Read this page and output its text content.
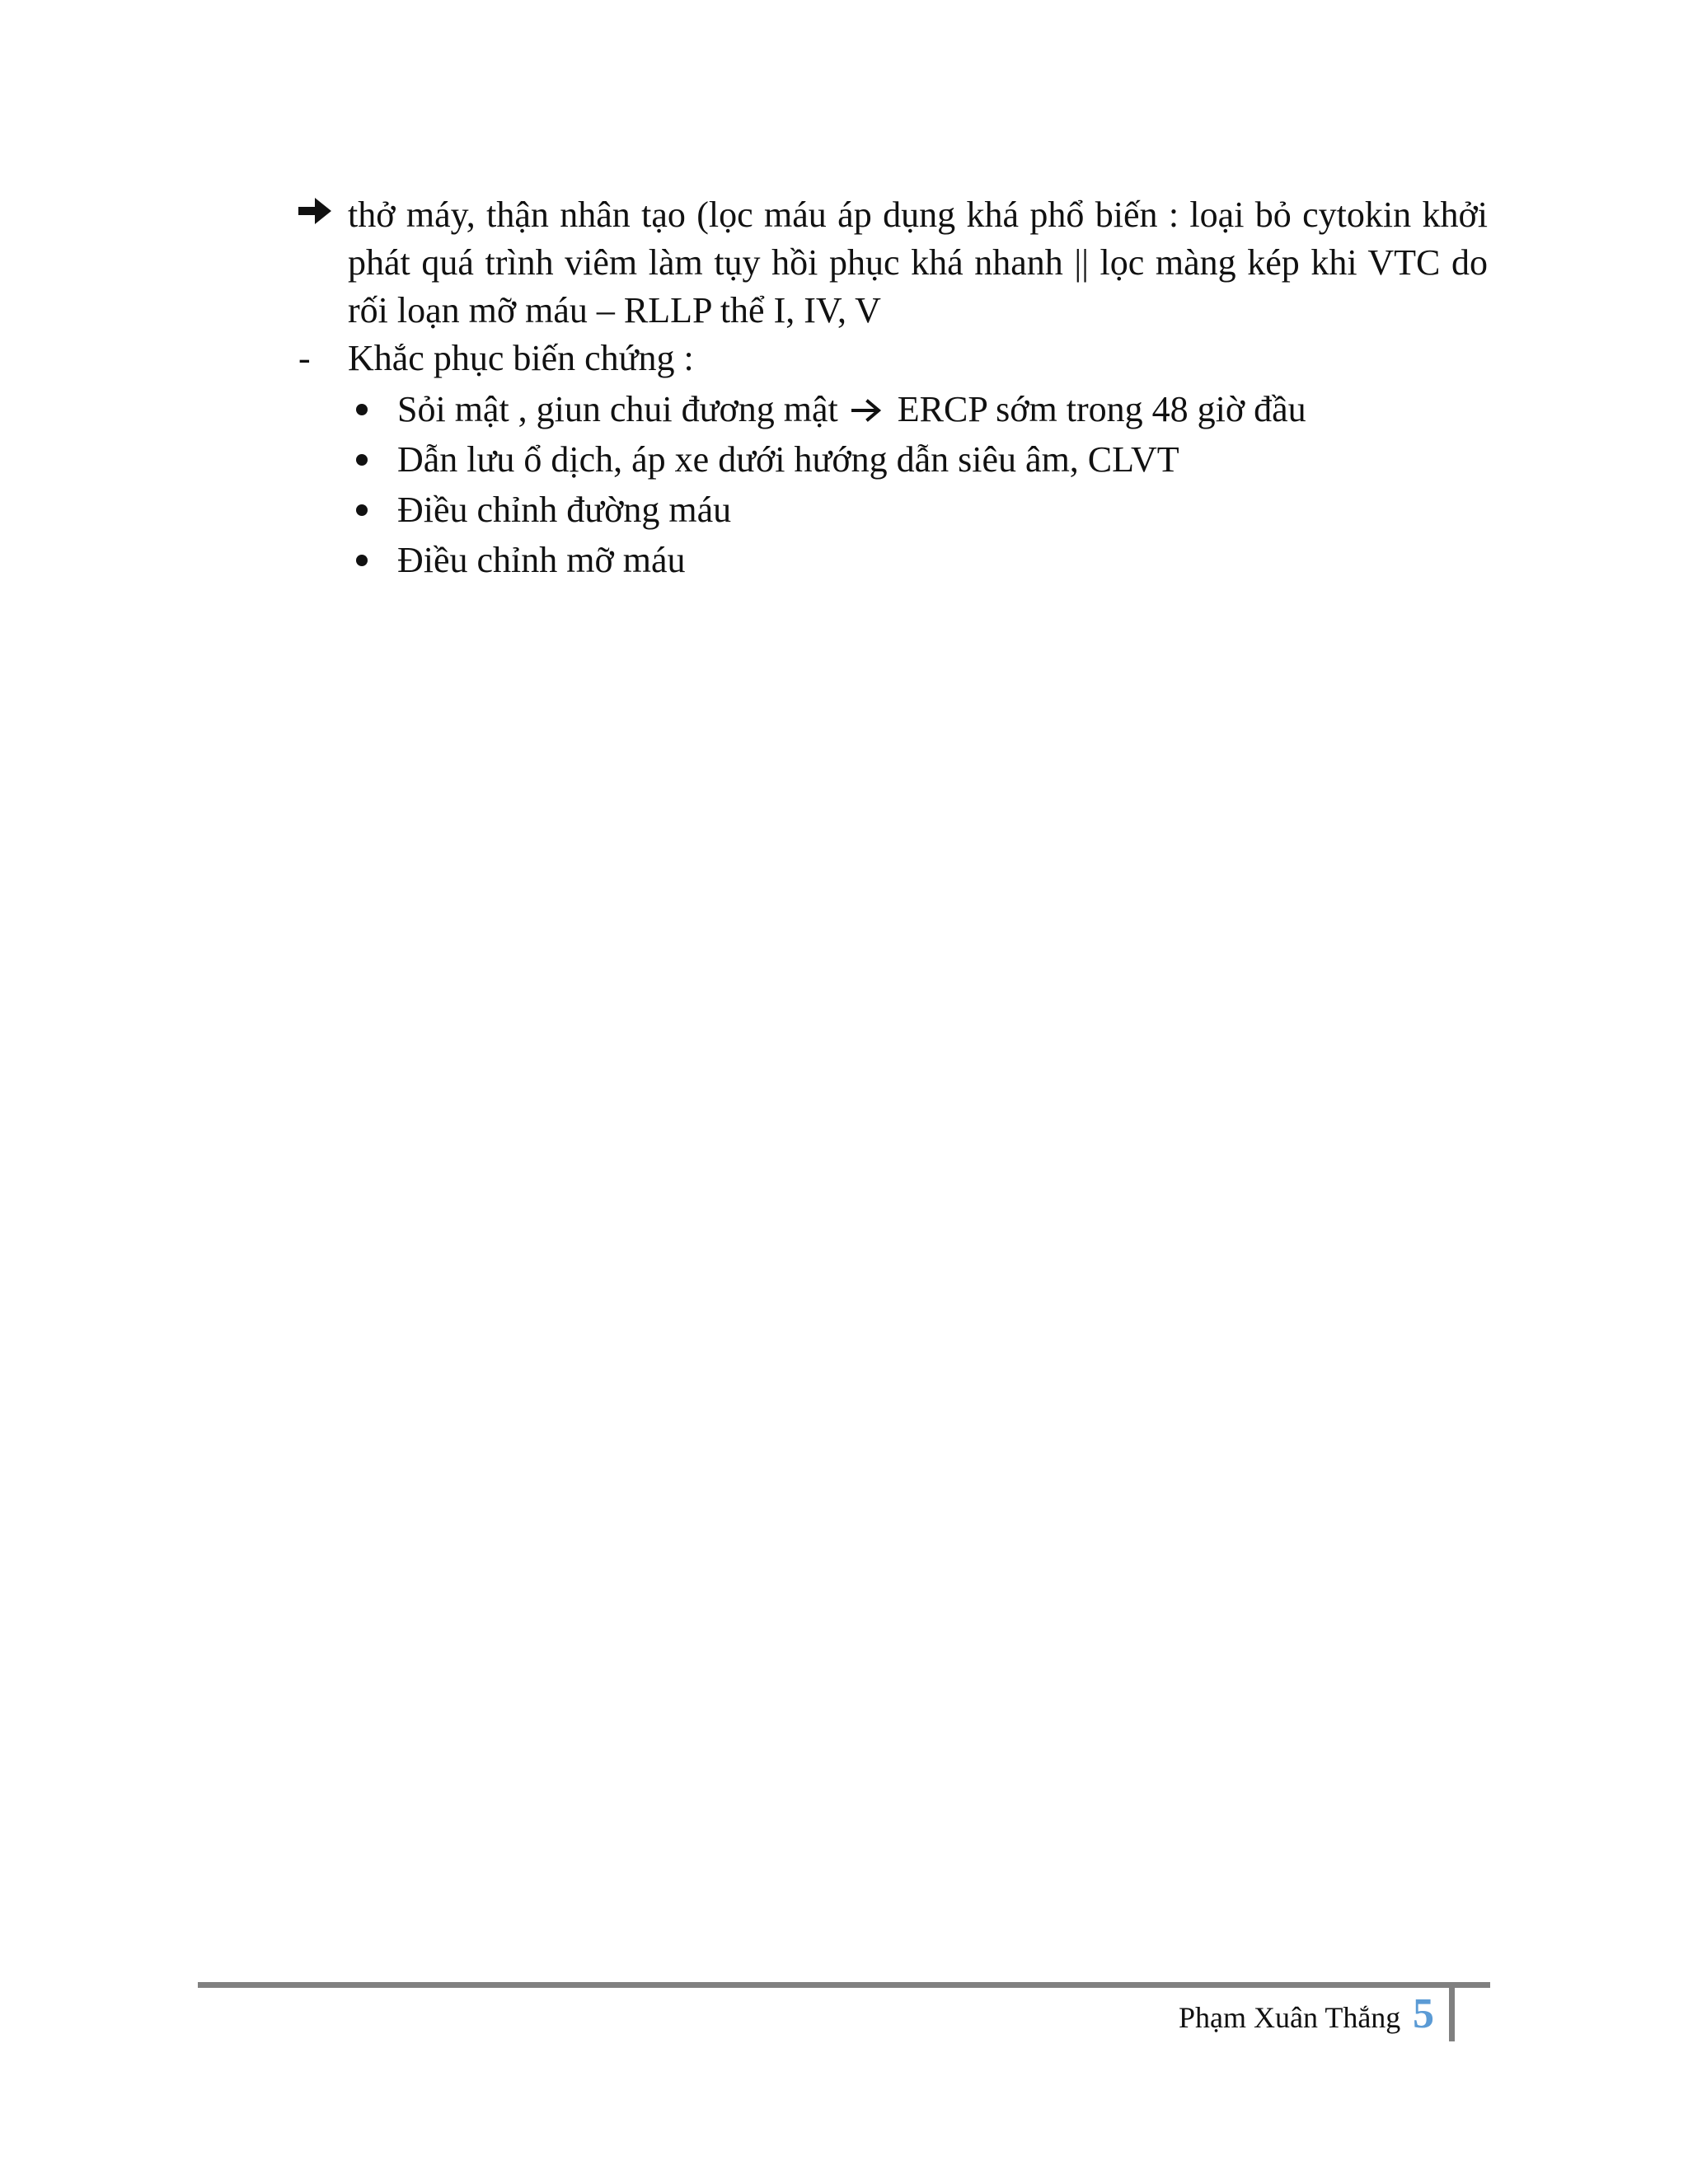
thở máy, thận nhân tạo (lọc máu áp dụng khá phổ biến : loại bỏ cytokin khởi phát quá trình viêm làm tụy hồi phục khá nhanh || lọc màng kép khi VTC do rối loạn mỡ máu – RLLP thể I, IV, V
- Khắc phục biến chứng :
Sỏi mật , giun chui đương mật ERCP sớm trong 48 giờ đầu
Dẫn lưu ổ dịch, áp xe dưới hướng dẫn siêu âm, CLVT
Điều chỉnh đường máu
Điều chỉnh mỡ máu
Phạm Xuân Thắng 5
